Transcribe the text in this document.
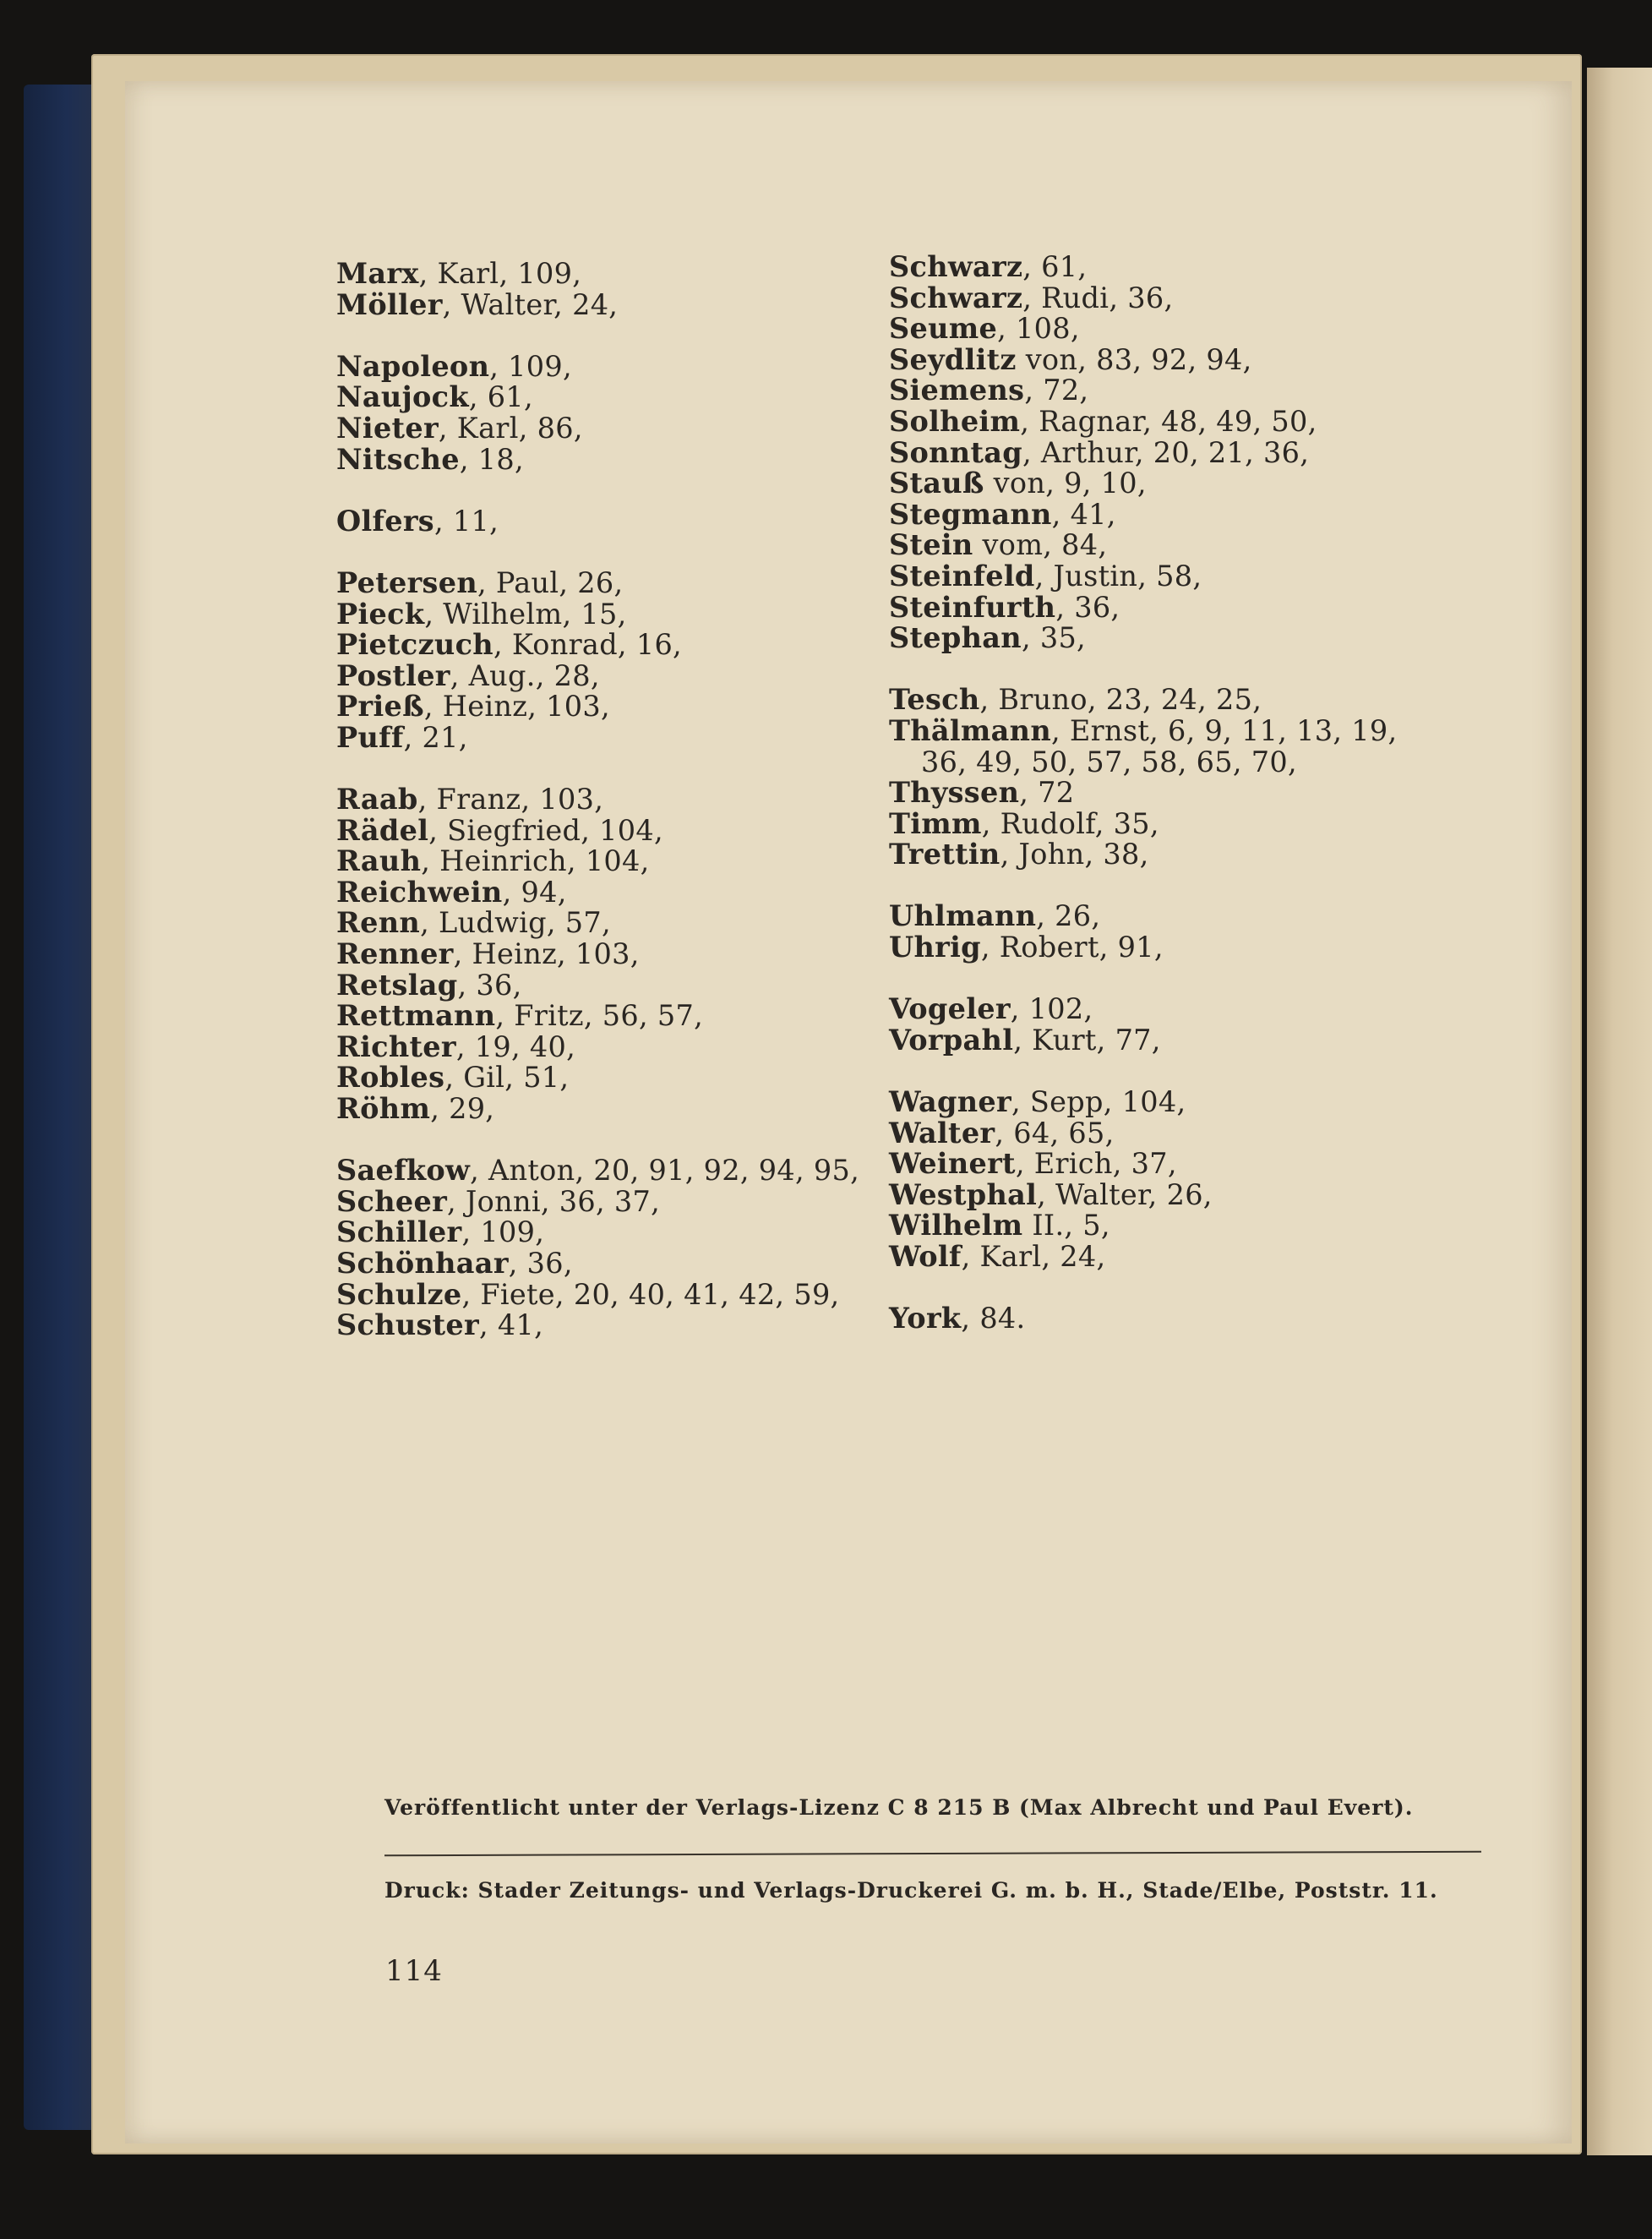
Marx, Karl, 109,
Möller, Walter, 24,
Napoleon, 109,
Naujock, 61,
Nieter, Karl, 86,
Nitsche, 18,
Olfers, 11,
Petersen, Paul, 26,
Pieck, Wilhelm, 15,
Pietczuch, Konrad, 16,
Postler, Aug., 28,
Prieß, Heinz, 103,
Puff, 21,
Raab, Franz, 103,
Rädel, Siegfried, 104,
Rauh, Heinrich, 104,
Reichwein, 94,
Renn, Ludwig, 57,
Renner, Heinz, 103,
Retslag, 36,
Rettmann, Fritz, 56, 57,
Richter, 19, 40,
Robles, Gil, 51,
Röhm, 29,
Saefkow, Anton, 20, 91, 92, 94, 95,
Scheer, Jonni, 36, 37,
Schiller, 109,
Schönhaar, 36,
Schulze, Fiete, 20, 40, 41, 42, 59,
Schuster, 41,
Schwarz, 61,
Schwarz, Rudi, 36,
Seume, 108,
Seydlitz von, 83, 92, 94,
Siemens, 72,
Solheim, Ragnar, 48, 49, 50,
Sonntag, Arthur, 20, 21, 36,
Stauß von, 9, 10,
Stegmann, 41,
Stein vom, 84,
Steinfeld, Justin, 58,
Steinfurth, 36,
Stephan, 35,
Tesch, Bruno, 23, 24, 25,
Thälmann, Ernst, 6, 9, 11, 13, 19,
36, 49, 50, 57, 58, 65, 70,
Thyssen, 72
Timm, Rudolf, 35,
Trettin, John, 38,
Uhlmann, 26,
Uhrig, Robert, 91,
Vogeler, 102,
Vorpahl, Kurt, 77,
Wagner, Sepp, 104,
Walter, 64, 65,
Weinert, Erich, 37,
Westphal, Walter, 26,
Wilhelm II., 5,
Wolf, Karl, 24,
York, 84.
Veröffentlicht unter der Verlags-Lizenz C 8 215 B (Max Albrecht und Paul Evert).
Druck: Stader Zeitungs- und Verlags-Druckerei G. m. b. H., Stade/Elbe, Poststr. 11.
114
